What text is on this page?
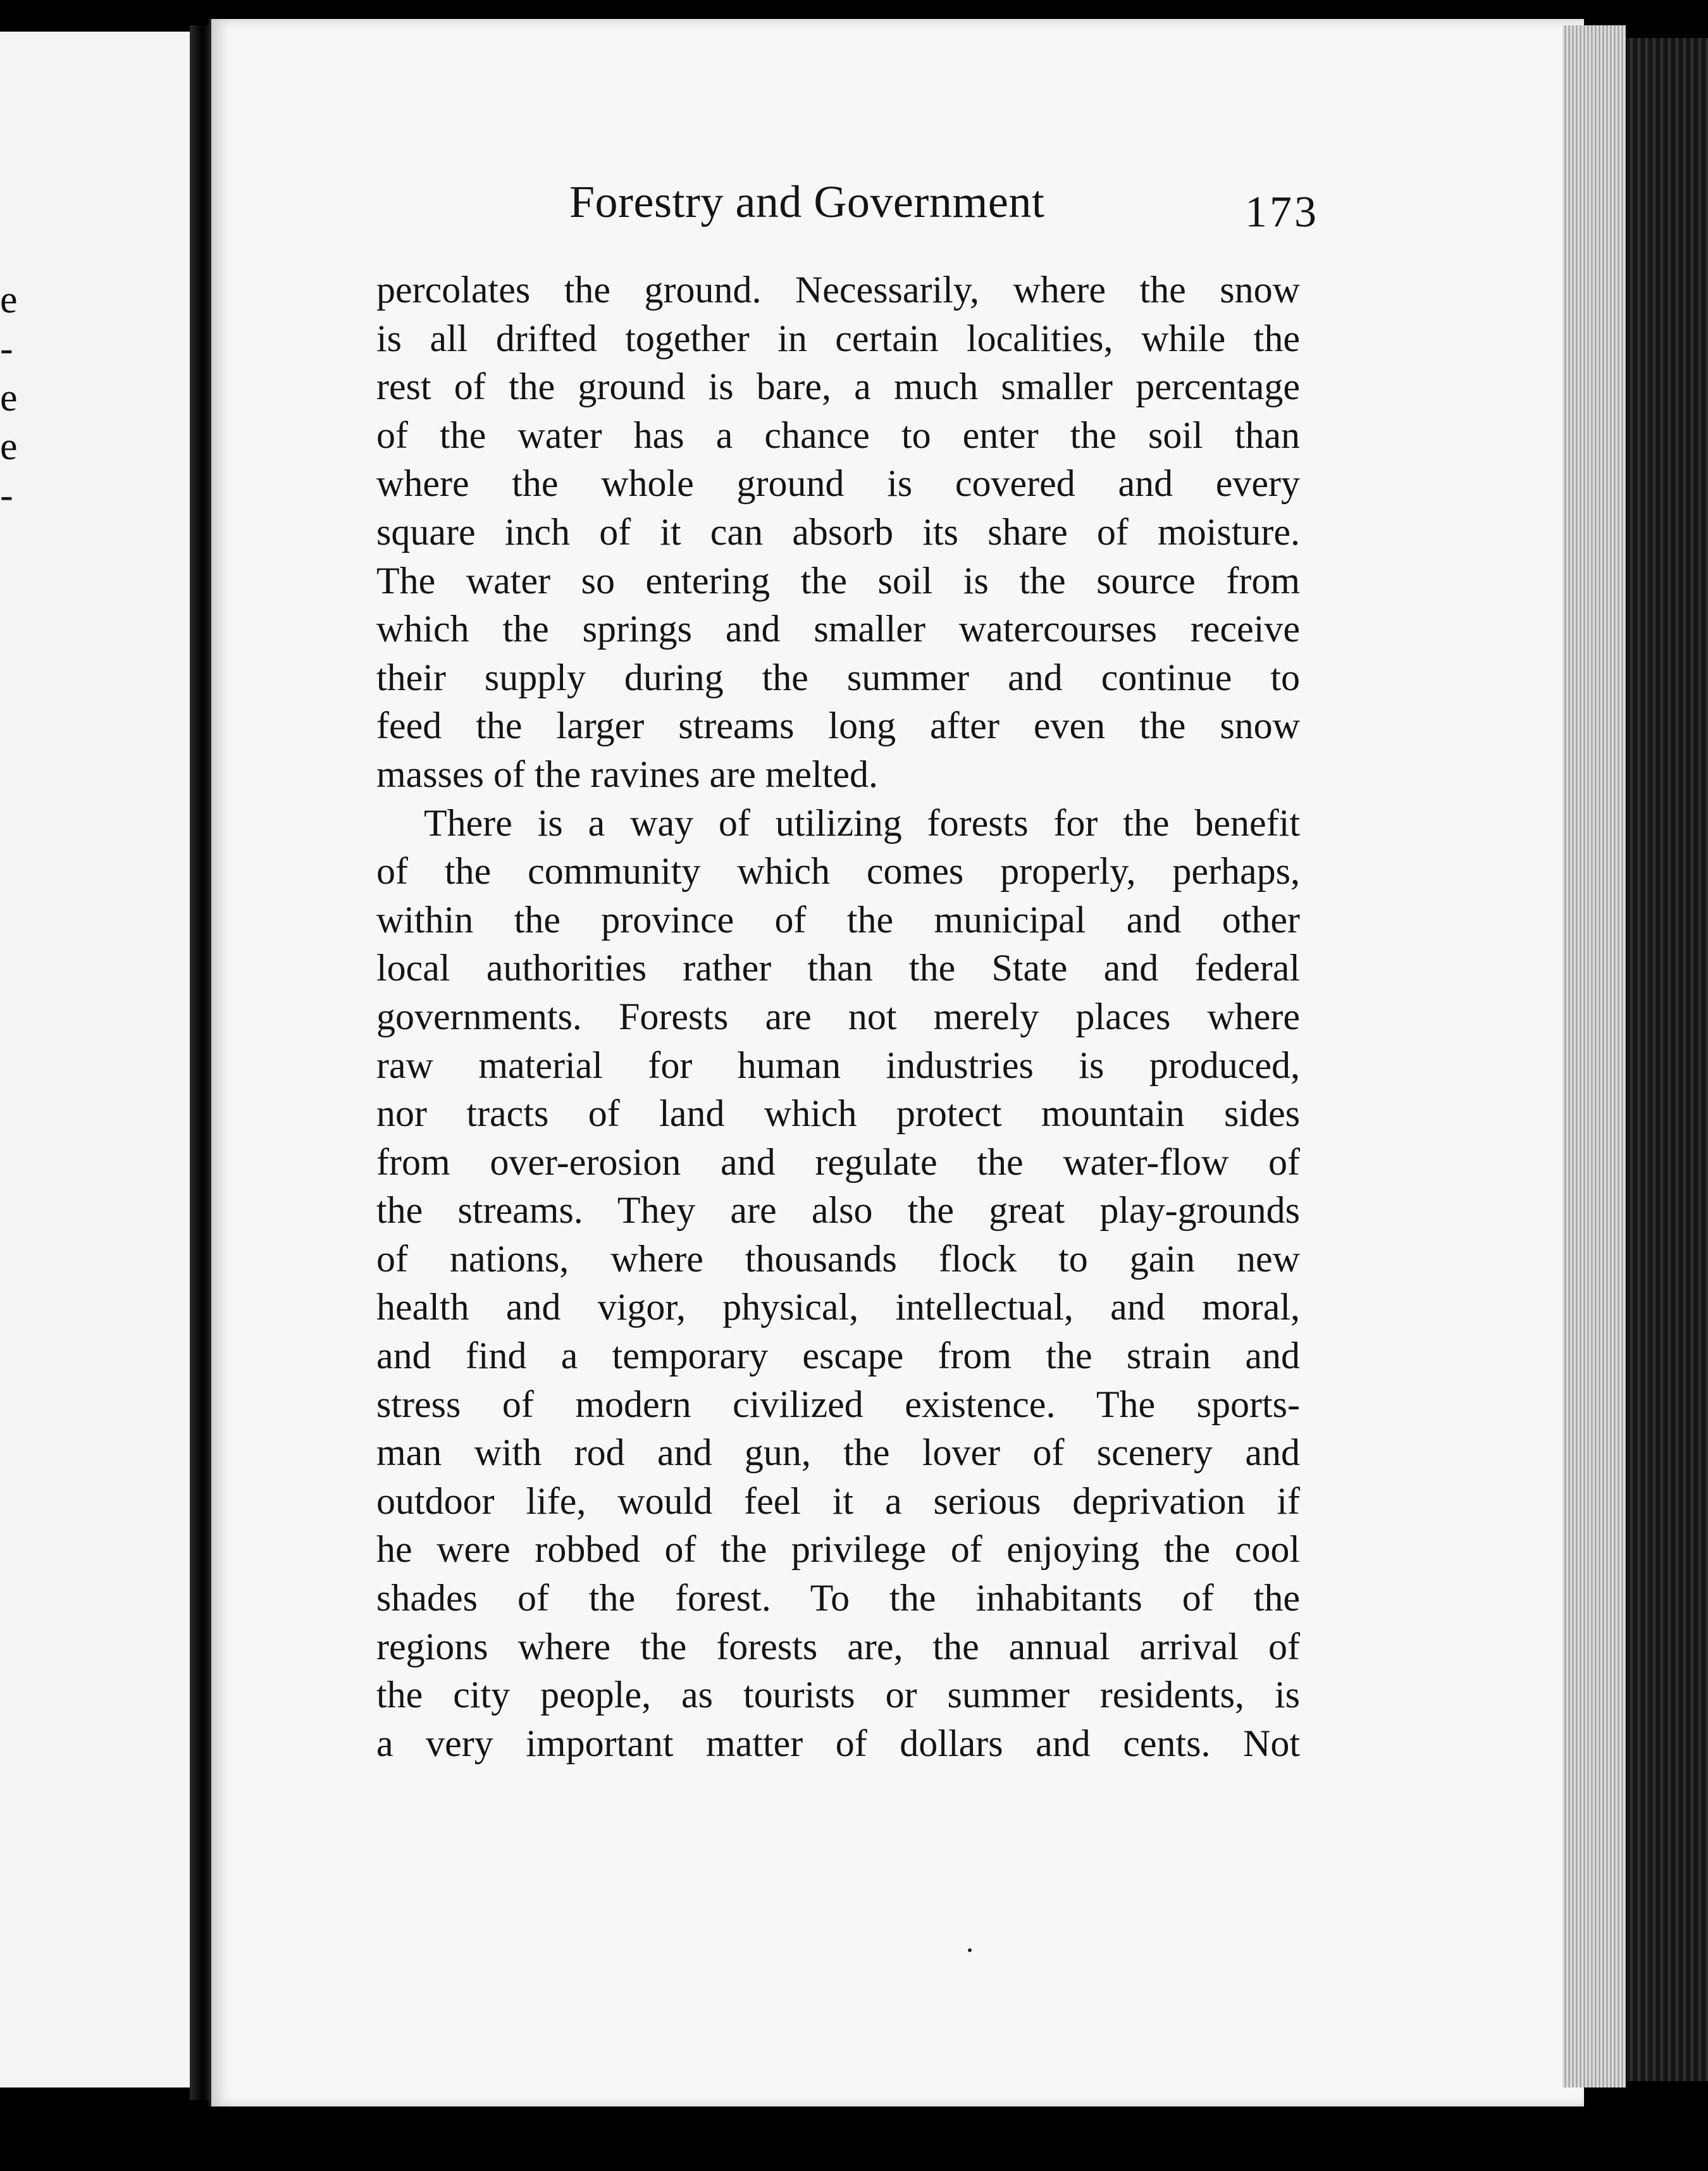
e
-
e
e
-
Forestry and Government	173
percolates the ground. Necessarily, where the snow
is all drifted together in certain localities, while the
rest of the ground is bare, a much smaller percentage
of the water has a chance to enter the soil than
where the whole ground is covered and every
square inch of it can absorb its share of moisture.
The water so entering the soil is the source from
which the springs and smaller watercourses receive
their supply during the summer and continue to
feed the larger streams long after even the snow
masses of the ravines are melted.
There is a way of utilizing forests for the benefit
of the community which comes properly, perhaps,
within the province of the municipal and other
local authorities rather than the State and federal
governments. Forests are not merely places where
raw material for human industries is produced,
nor tracts of land which protect mountain sides
from over-erosion and regulate the water-flow of
the streams. They are also the great play-grounds
of nations, where thousands flock to gain new
health and vigor, physical, intellectual, and moral,
and find a temporary escape from the strain and
stress of modern civilized existence. The sports-
man with rod and gun, the lover of scenery and
outdoor life, would feel it a serious deprivation if
he were robbed of the privilege of enjoying the cool
shades of the forest. To the inhabitants of the
regions where the forests are, the annual arrival of
the city people, as tourists or summer residents, is
a very important matter of dollars and cents. Not
